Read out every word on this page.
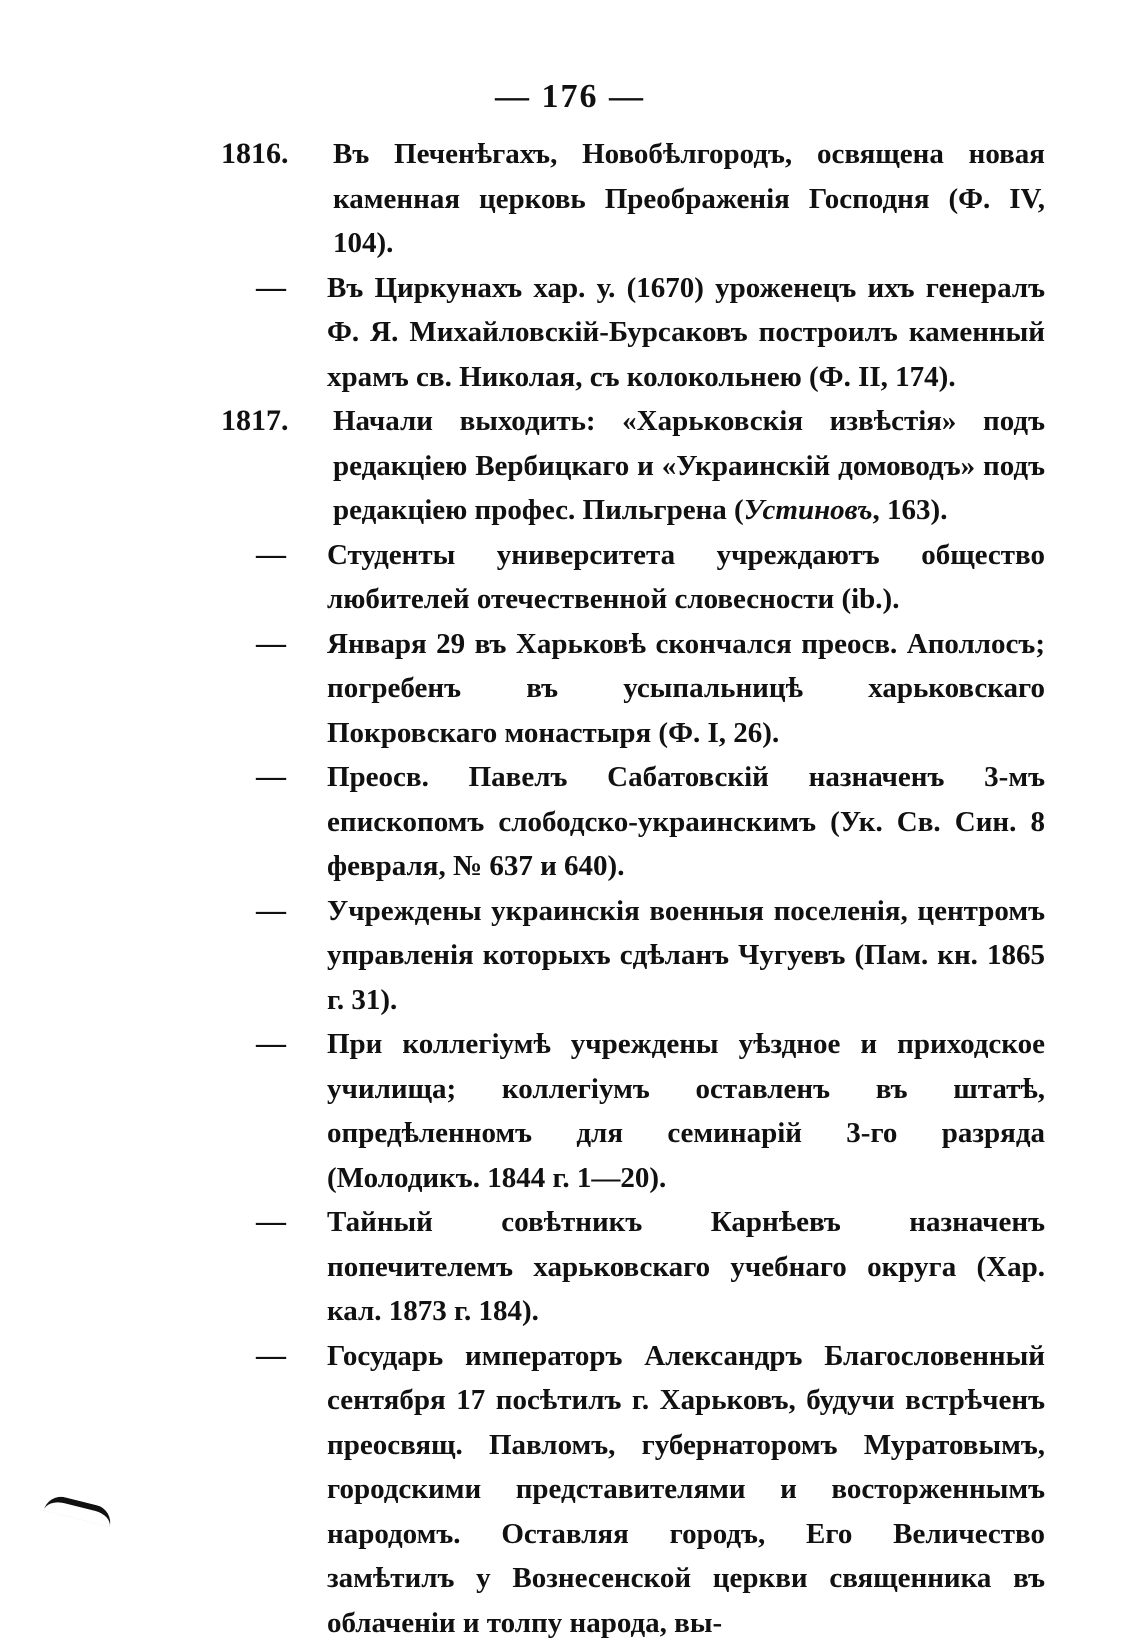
— 176 —
1816.	Въ Печенѣгахъ, Новобѣлгородъ, освящена новая каменная церковь Преображенія Господня (Ф. IV, 104).
—	Въ Циркунахъ хар. у. (1670) уроженецъ ихъ генералъ Ф. Я. Михайловскій-Бурсаковъ построилъ каменный храмъ св. Николая, съ колокольнею (Ф. II, 174).
1817.	Начали выходить: «Харьковскія извѣстія» подъ редакціею Вербицкаго и «Украинскій домоводъ» подъ редакціею профес. Пильгрена (Устиновъ, 163).
—	Студенты университета учреждаютъ общество любителей отечественной словесности (ib.).
—	Января 29 въ Харьковѣ скончался преосв. Аполлосъ; погребенъ въ усыпальницѣ харьковскаго Покровскаго монастыря (Ф. I, 26).
—	Преосв. Павелъ Сабатовскій назначенъ 3-мъ епископомъ слободско-украинскимъ (Ук. Св. Син. 8 февраля, № 637 и 640).
—	Учреждены украинскія военныя поселенія, центромъ управленія которыхъ сдѣланъ Чугуевъ (Пам. кн. 1865 г. 31).
—	При коллегіумѣ учреждены уѣздное и приходское училища; коллегіумъ оставленъ въ штатѣ, опредѣленномъ для семинарій 3-го разряда (Молодикъ. 1844 г. 1—20).
—	Тайный совѣтникъ Карнѣевъ назначенъ попечителемъ харьковскаго учебнаго округа (Хар. кал. 1873 г. 184).
—	Государь императоръ Александръ Благословенный сентября 17 посѣтилъ г. Харьковъ, будучи встрѣченъ преосвящ. Павломъ, губернаторомъ Муратовымъ, городскими представителями и восторженнымъ народомъ. Оставляя городъ, Его Величество замѣтилъ у Вознесенской церкви священника въ облаченіи и толпу народа, вы-
